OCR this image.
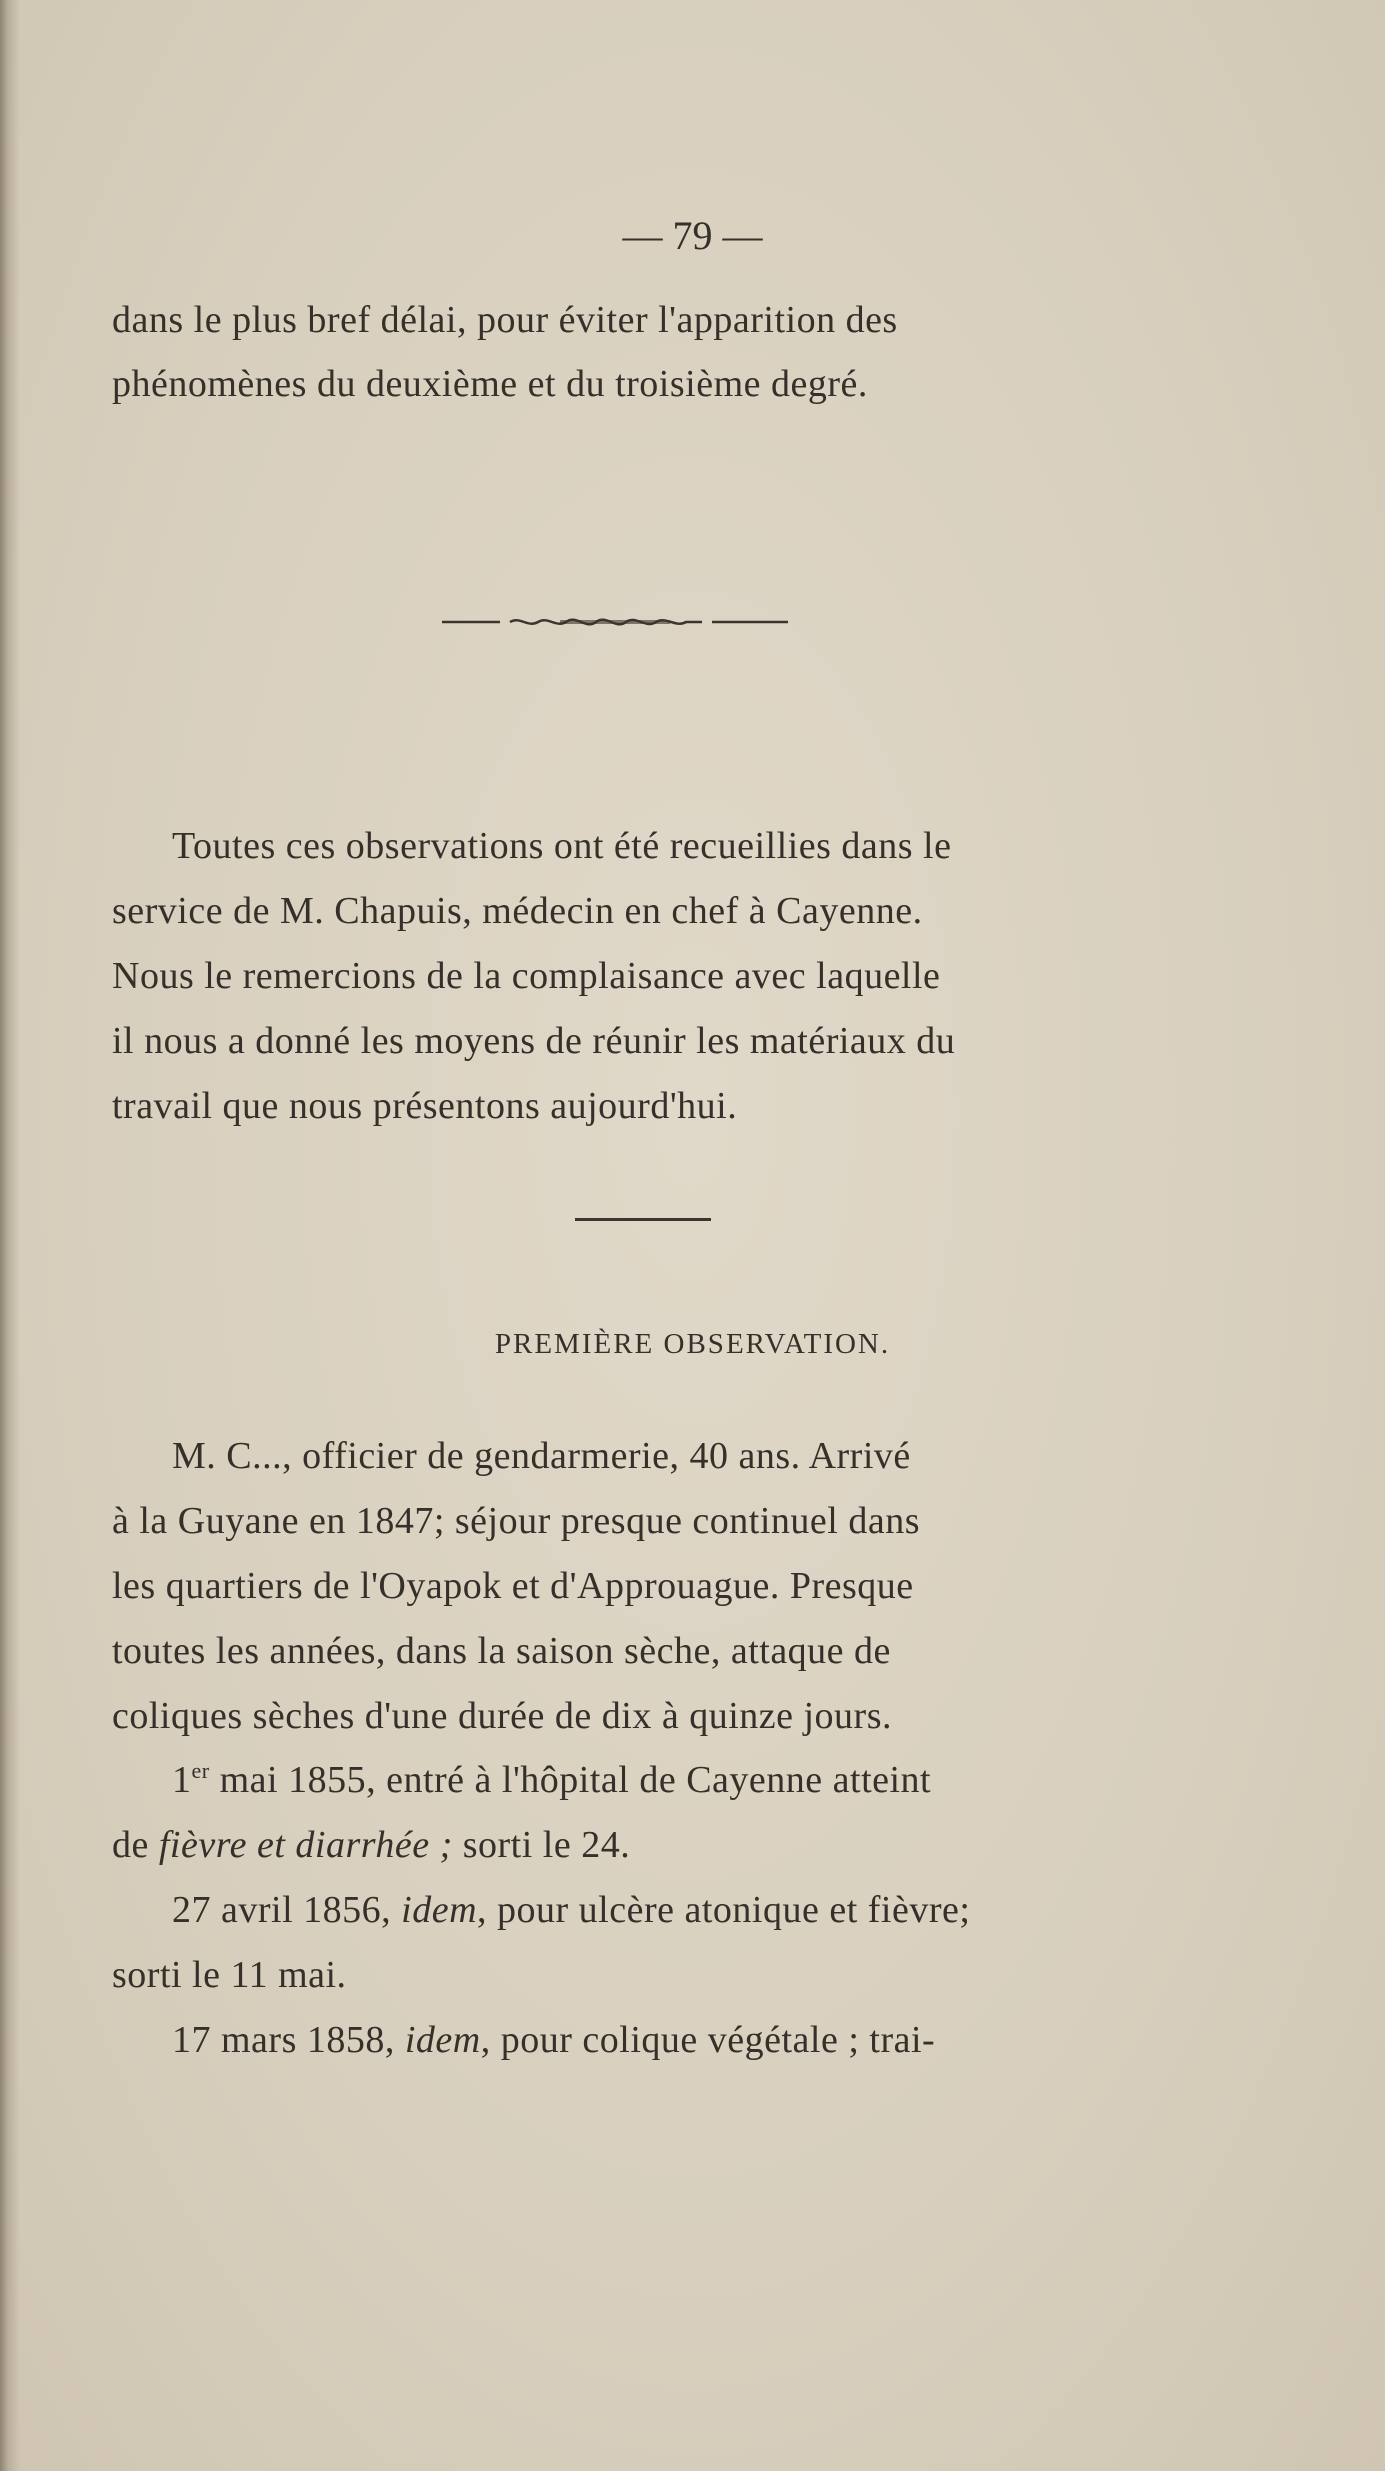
— 79 —
dans le plus bref délai, pour éviter l'apparition des
phénomènes du deuxième et du troisième degré.
Toutes ces observations ont été recueillies dans le
service de M. Chapuis, médecin en chef à Cayenne.
Nous le remercions de la complaisance avec laquelle
il nous a donné les moyens de réunir les matériaux du
travail que nous présentons aujourd'hui.
PREMIÈRE OBSERVATION.
M. C..., officier de gendarmerie, 40 ans. Arrivé
à la Guyane en 1847; séjour presque continuel dans
les quartiers de l'Oyapok et d'Approuague. Presque
toutes les années, dans la saison sèche, attaque de
coliques sèches d'une durée de dix à quinze jours.
1er mai 1855, entré à l'hôpital de Cayenne atteint
de fièvre et diarrhée ; sorti le 24.
27 avril 1856, idem, pour ulcère atonique et fièvre;
sorti le 11 mai.
17 mars 1858, idem, pour colique végétale ; trai-
